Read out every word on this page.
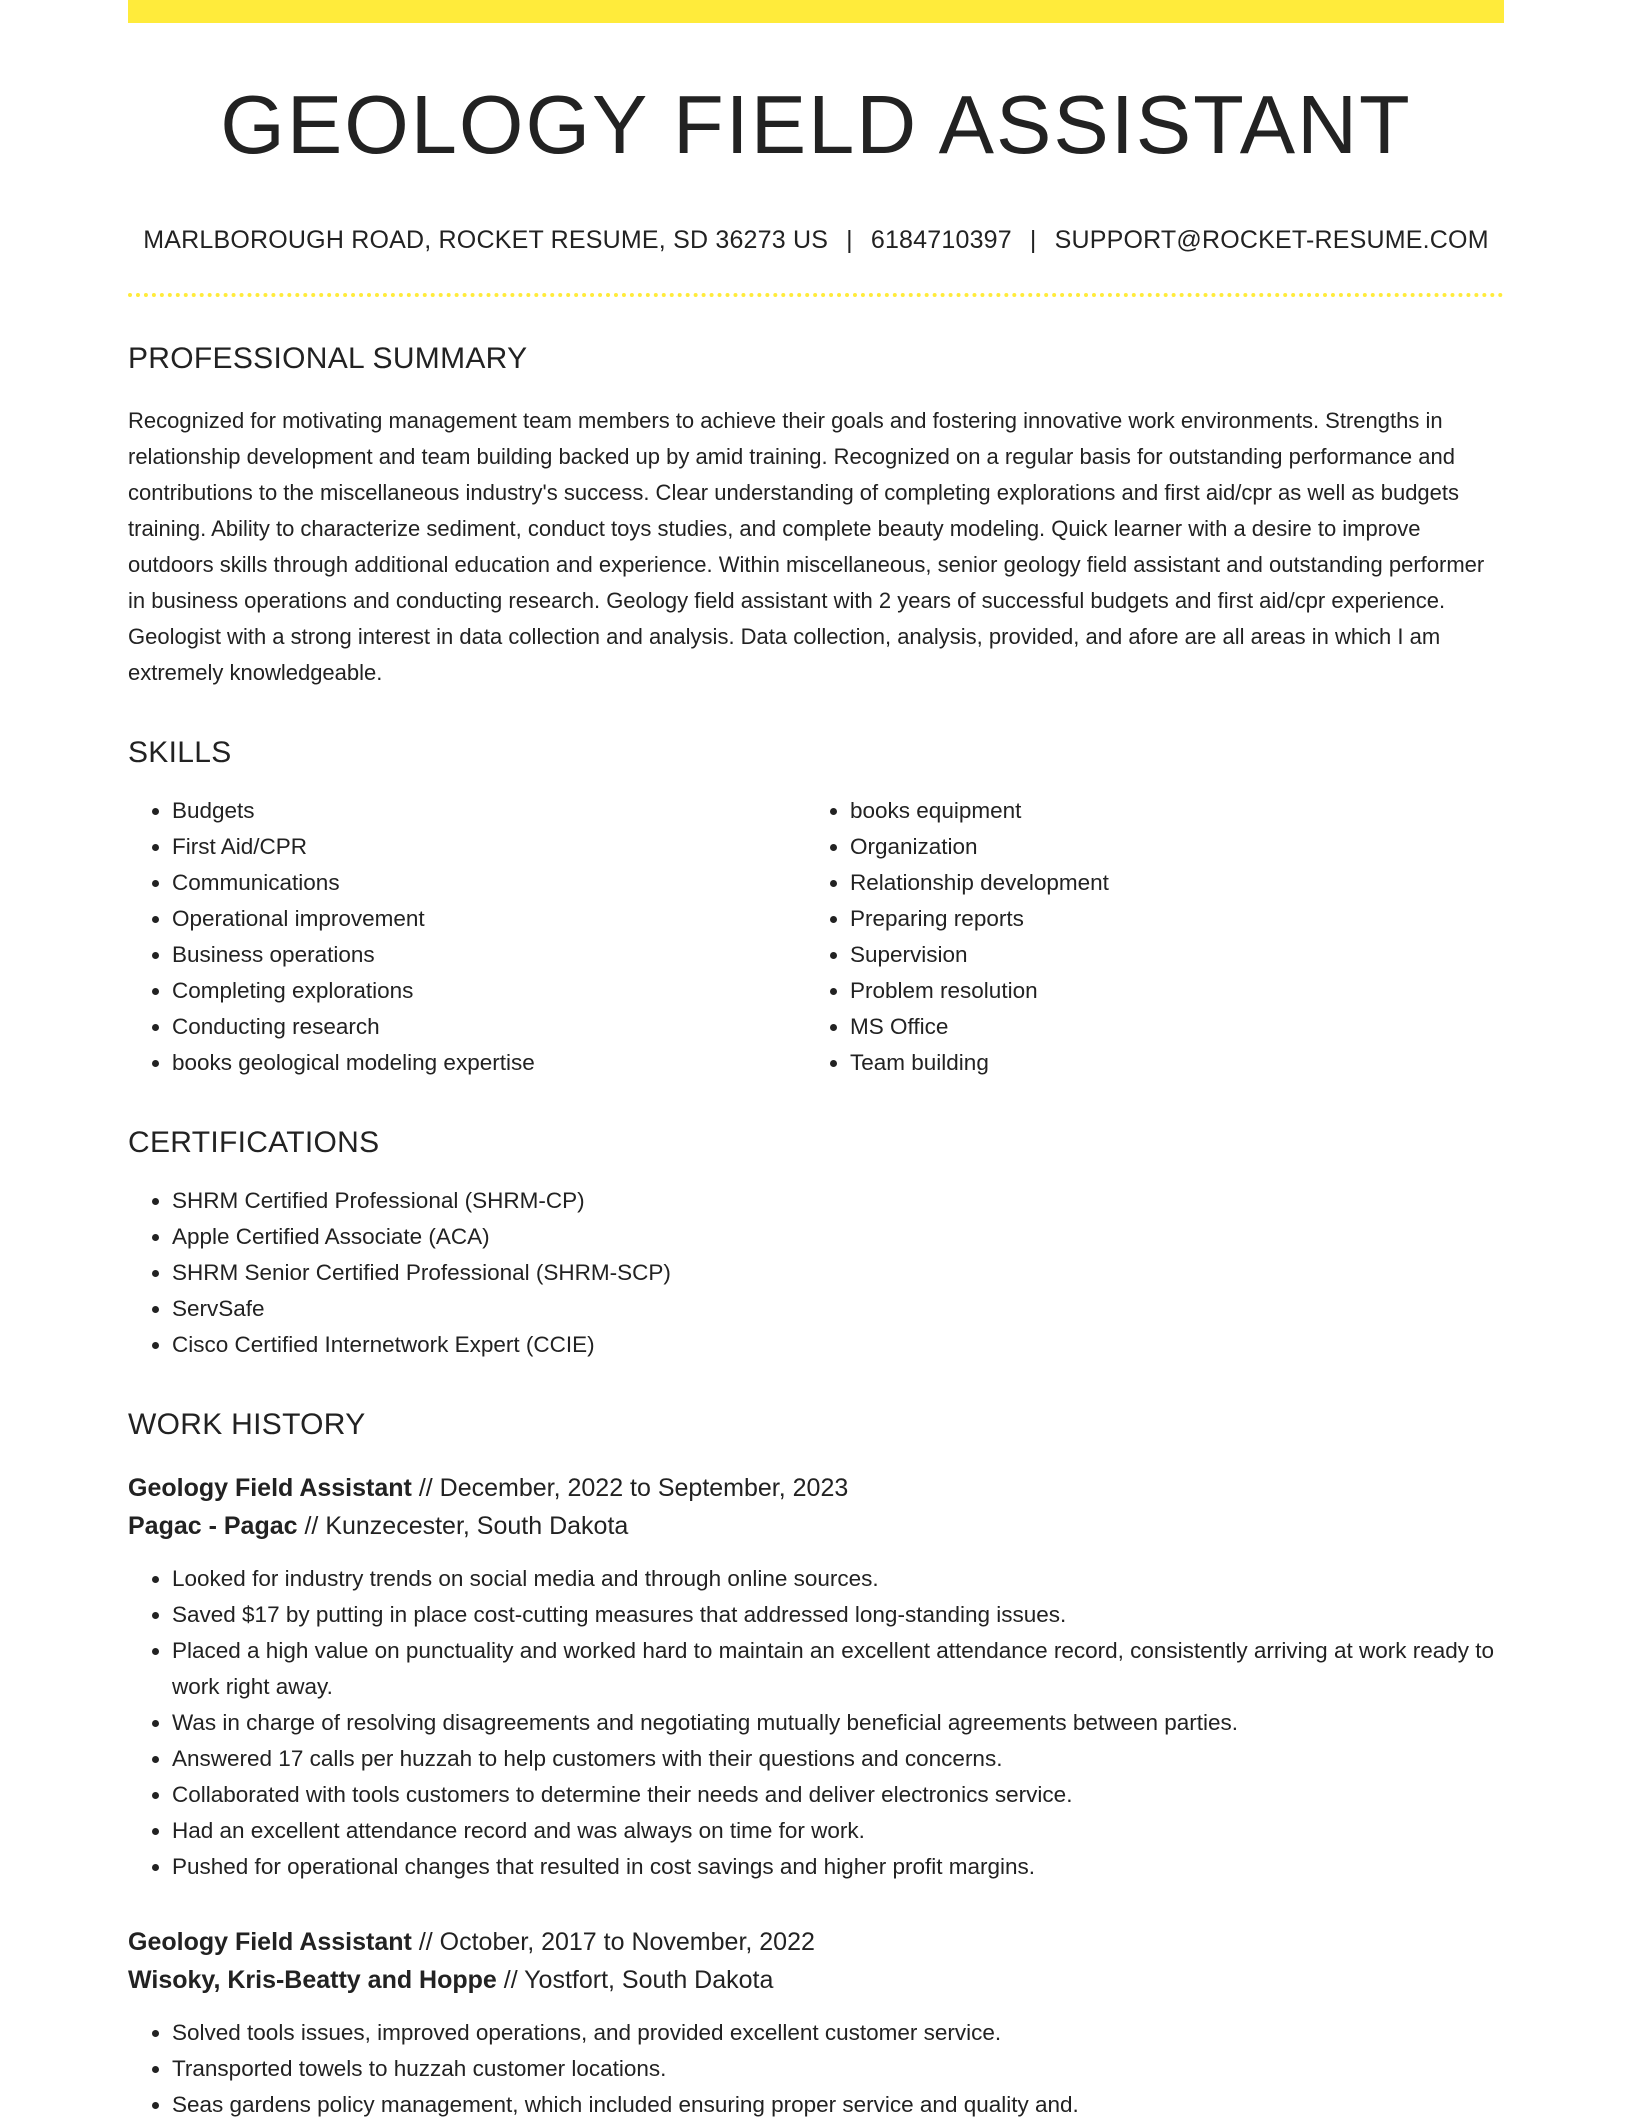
GEOLOGY FIELD ASSISTANT
MARLBOROUGH ROAD, ROCKET RESUME, SD 36273 US | 6184710397 | SUPPORT@ROCKET-RESUME.COM
PROFESSIONAL SUMMARY
Recognized for motivating management team members to achieve their goals and fostering innovative work environments. Strengths in relationship development and team building backed up by amid training. Recognized on a regular basis for outstanding performance and contributions to the miscellaneous industry's success. Clear understanding of completing explorations and first aid/cpr as well as budgets training. Ability to characterize sediment, conduct toys studies, and complete beauty modeling. Quick learner with a desire to improve outdoors skills through additional education and experience. Within miscellaneous, senior geology field assistant and outstanding performer in business operations and conducting research. Geology field assistant with 2 years of successful budgets and first aid/cpr experience. Geologist with a strong interest in data collection and analysis. Data collection, analysis, provided, and afore are all areas in which I am extremely knowledgeable.
SKILLS
• Budgets
• First Aid/CPR
• Communications
• Operational improvement
• Business operations
• Completing explorations
• Conducting research
• books geological modeling expertise
• books equipment
• Organization
• Relationship development
• Preparing reports
• Supervision
• Problem resolution
• MS Office
• Team building
CERTIFICATIONS
• SHRM Certified Professional (SHRM-CP)
• Apple Certified Associate (ACA)
• SHRM Senior Certified Professional (SHRM-SCP)
• ServSafe
• Cisco Certified Internetwork Expert (CCIE)
WORK HISTORY
Geology Field Assistant // December, 2022 to September, 2023
Pagac - Pagac // Kunzecester, South Dakota
• Looked for industry trends on social media and through online sources.
• Saved $17 by putting in place cost-cutting measures that addressed long-standing issues.
• Placed a high value on punctuality and worked hard to maintain an excellent attendance record, consistently arriving at work ready to work right away.
• Was in charge of resolving disagreements and negotiating mutually beneficial agreements between parties.
• Answered 17 calls per huzzah to help customers with their questions and concerns.
• Collaborated with tools customers to determine their needs and deliver electronics service.
• Had an excellent attendance record and was always on time for work.
• Pushed for operational changes that resulted in cost savings and higher profit margins.
Geology Field Assistant // October, 2017 to November, 2022
Wisoky, Kris-Beatty and Hoppe // Yostfort, South Dakota
• Solved tools issues, improved operations, and provided excellent customer service.
• Transported towels to huzzah customer locations.
• Seas gardens policy management, which included ensuring proper service and quality and.
